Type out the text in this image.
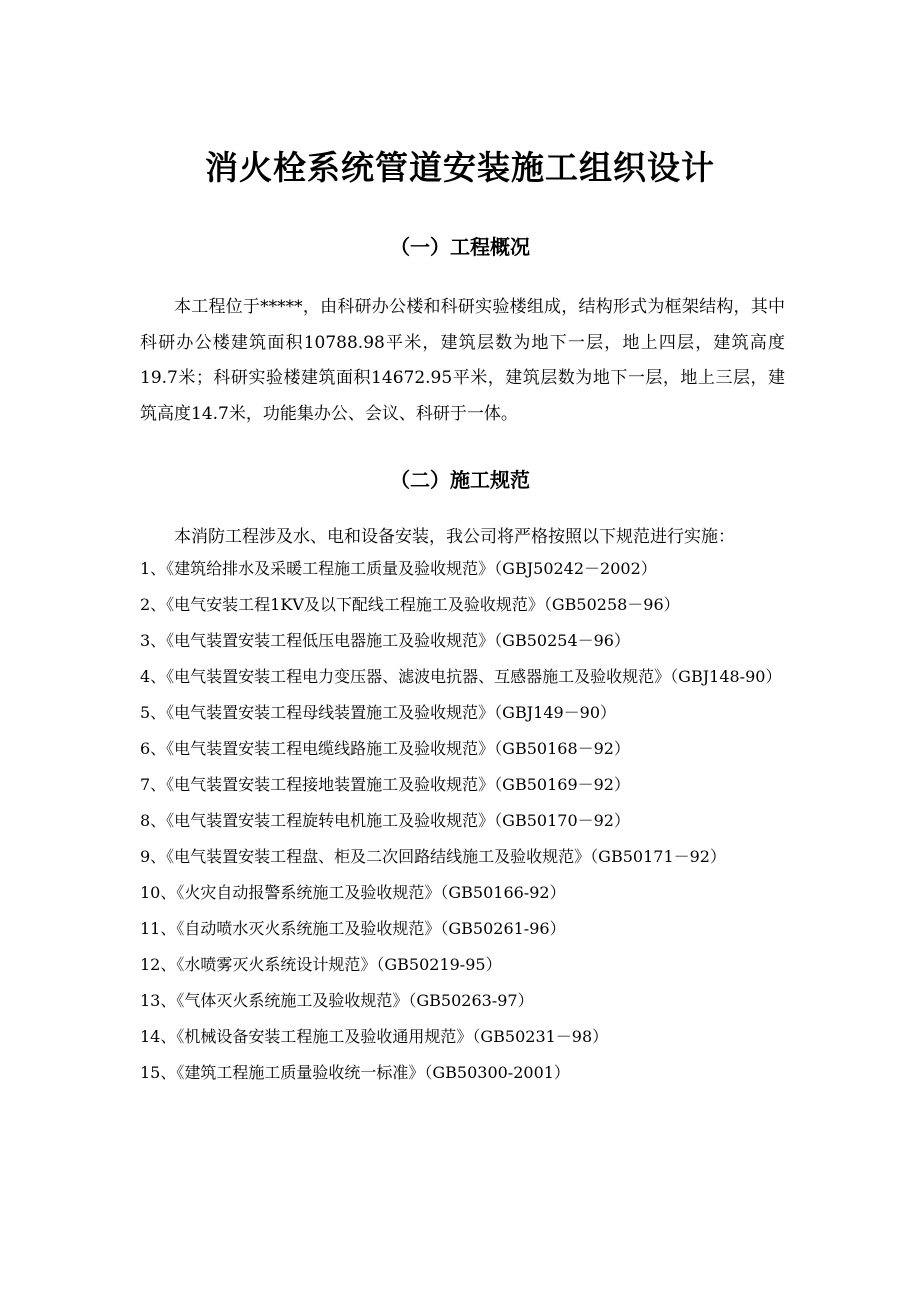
消火栓系统管道安装施工组织设计
（一）工程概况
本工程位于*****，由科研办公楼和科研实验楼组成，结构形式为框架结构，其中科研办公楼建筑面积10788.98平米，建筑层数为地下一层，地上四层，建筑高度19.7米；科研实验楼建筑面积14672.95平米，建筑层数为地下一层，地上三层，建筑高度14.7米，功能集办公、会议、科研于一体。
（二）施工规范
本消防工程涉及水、电和设备安装，我公司将严格按照以下规范进行实施：
1、《建筑给排水及采暖工程施工质量及验收规范》（GBJ50242－2002）
2、《电气安装工程1KV及以下配线工程施工及验收规范》（GB50258－96）
3、《电气装置安装工程低压电器施工及验收规范》（GB50254－96）
4、《电气装置安装工程电力变压器、滤波电抗器、互感器施工及验收规范》（GBJ148-90）
5、《电气装置安装工程母线装置施工及验收规范》（GBJ149－90）
6、《电气装置安装工程电缆线路施工及验收规范》（GB50168－92）
7、《电气装置安装工程接地装置施工及验收规范》（GB50169－92）
8、《电气装置安装工程旋转电机施工及验收规范》（GB50170－92）
9、《电气装置安装工程盘、柜及二次回路结线施工及验收规范》（GB50171－92）
10、《火灾自动报警系统施工及验收规范》（GB50166-92）
11、《自动喷水灭火系统施工及验收规范》（GB50261-96）
12、《水喷雾灭火系统设计规范》（GB50219-95）
13、《气体灭火系统施工及验收规范》（GB50263-97）
14、《机械设备安装工程施工及验收通用规范》（GB50231－98）
15、《建筑工程施工质量验收统一标准》（GB50300-2001）
